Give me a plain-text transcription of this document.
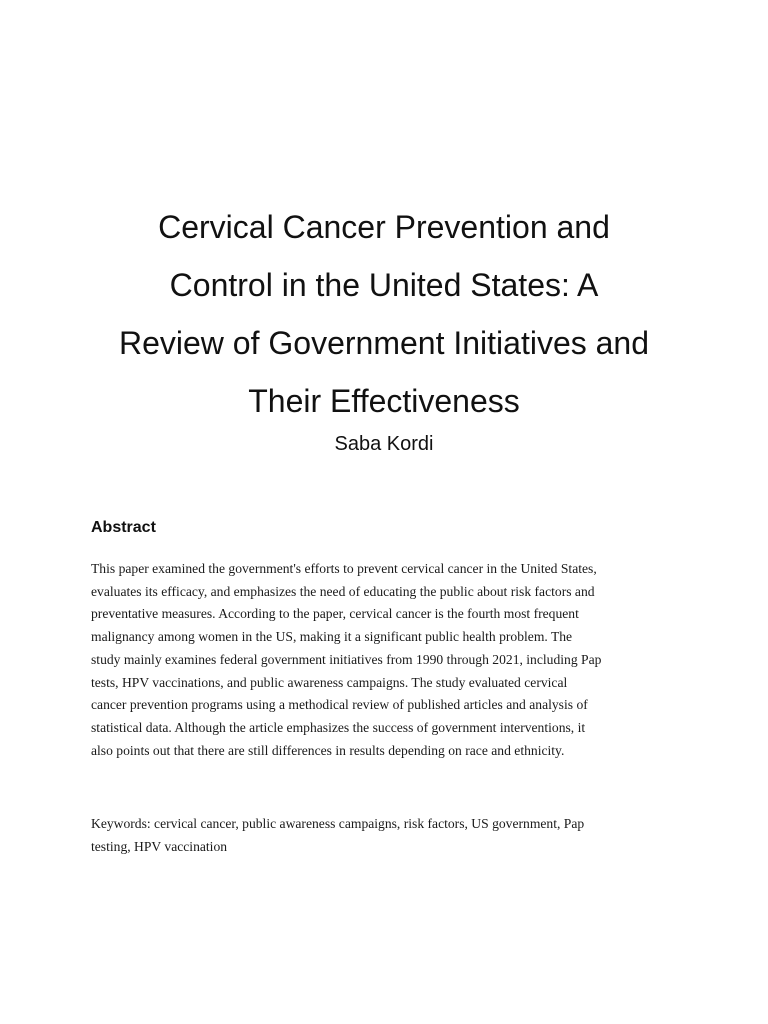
Cervical Cancer Prevention and
Control in the United States: A
Review of Government Initiatives and
Their Effectiveness

Saba Kordi

Abstract

This paper examined the government's efforts to prevent cervical cancer in the United States,
evaluates its efficacy, and emphasizes the need of educating the public about risk factors and
preventative measures. According to the paper, cervical cancer is the fourth most frequent
malignancy among women in the US, making it a significant public health problem. The
study mainly examines federal government initiatives from 1990 through 2021, including Pap
tests, HPV vaccinations, and public awareness campaigns. The study evaluated cervical
cancer prevention programs using a methodical review of published articles and analysis of
statistical data. Although the article emphasizes the success of government interventions, it
also points out that there are still differences in results depending on race and ethnicity.

Keywords: cervical cancer, public awareness campaigns, risk factors, US government, Pap
testing, HPV vaccination
